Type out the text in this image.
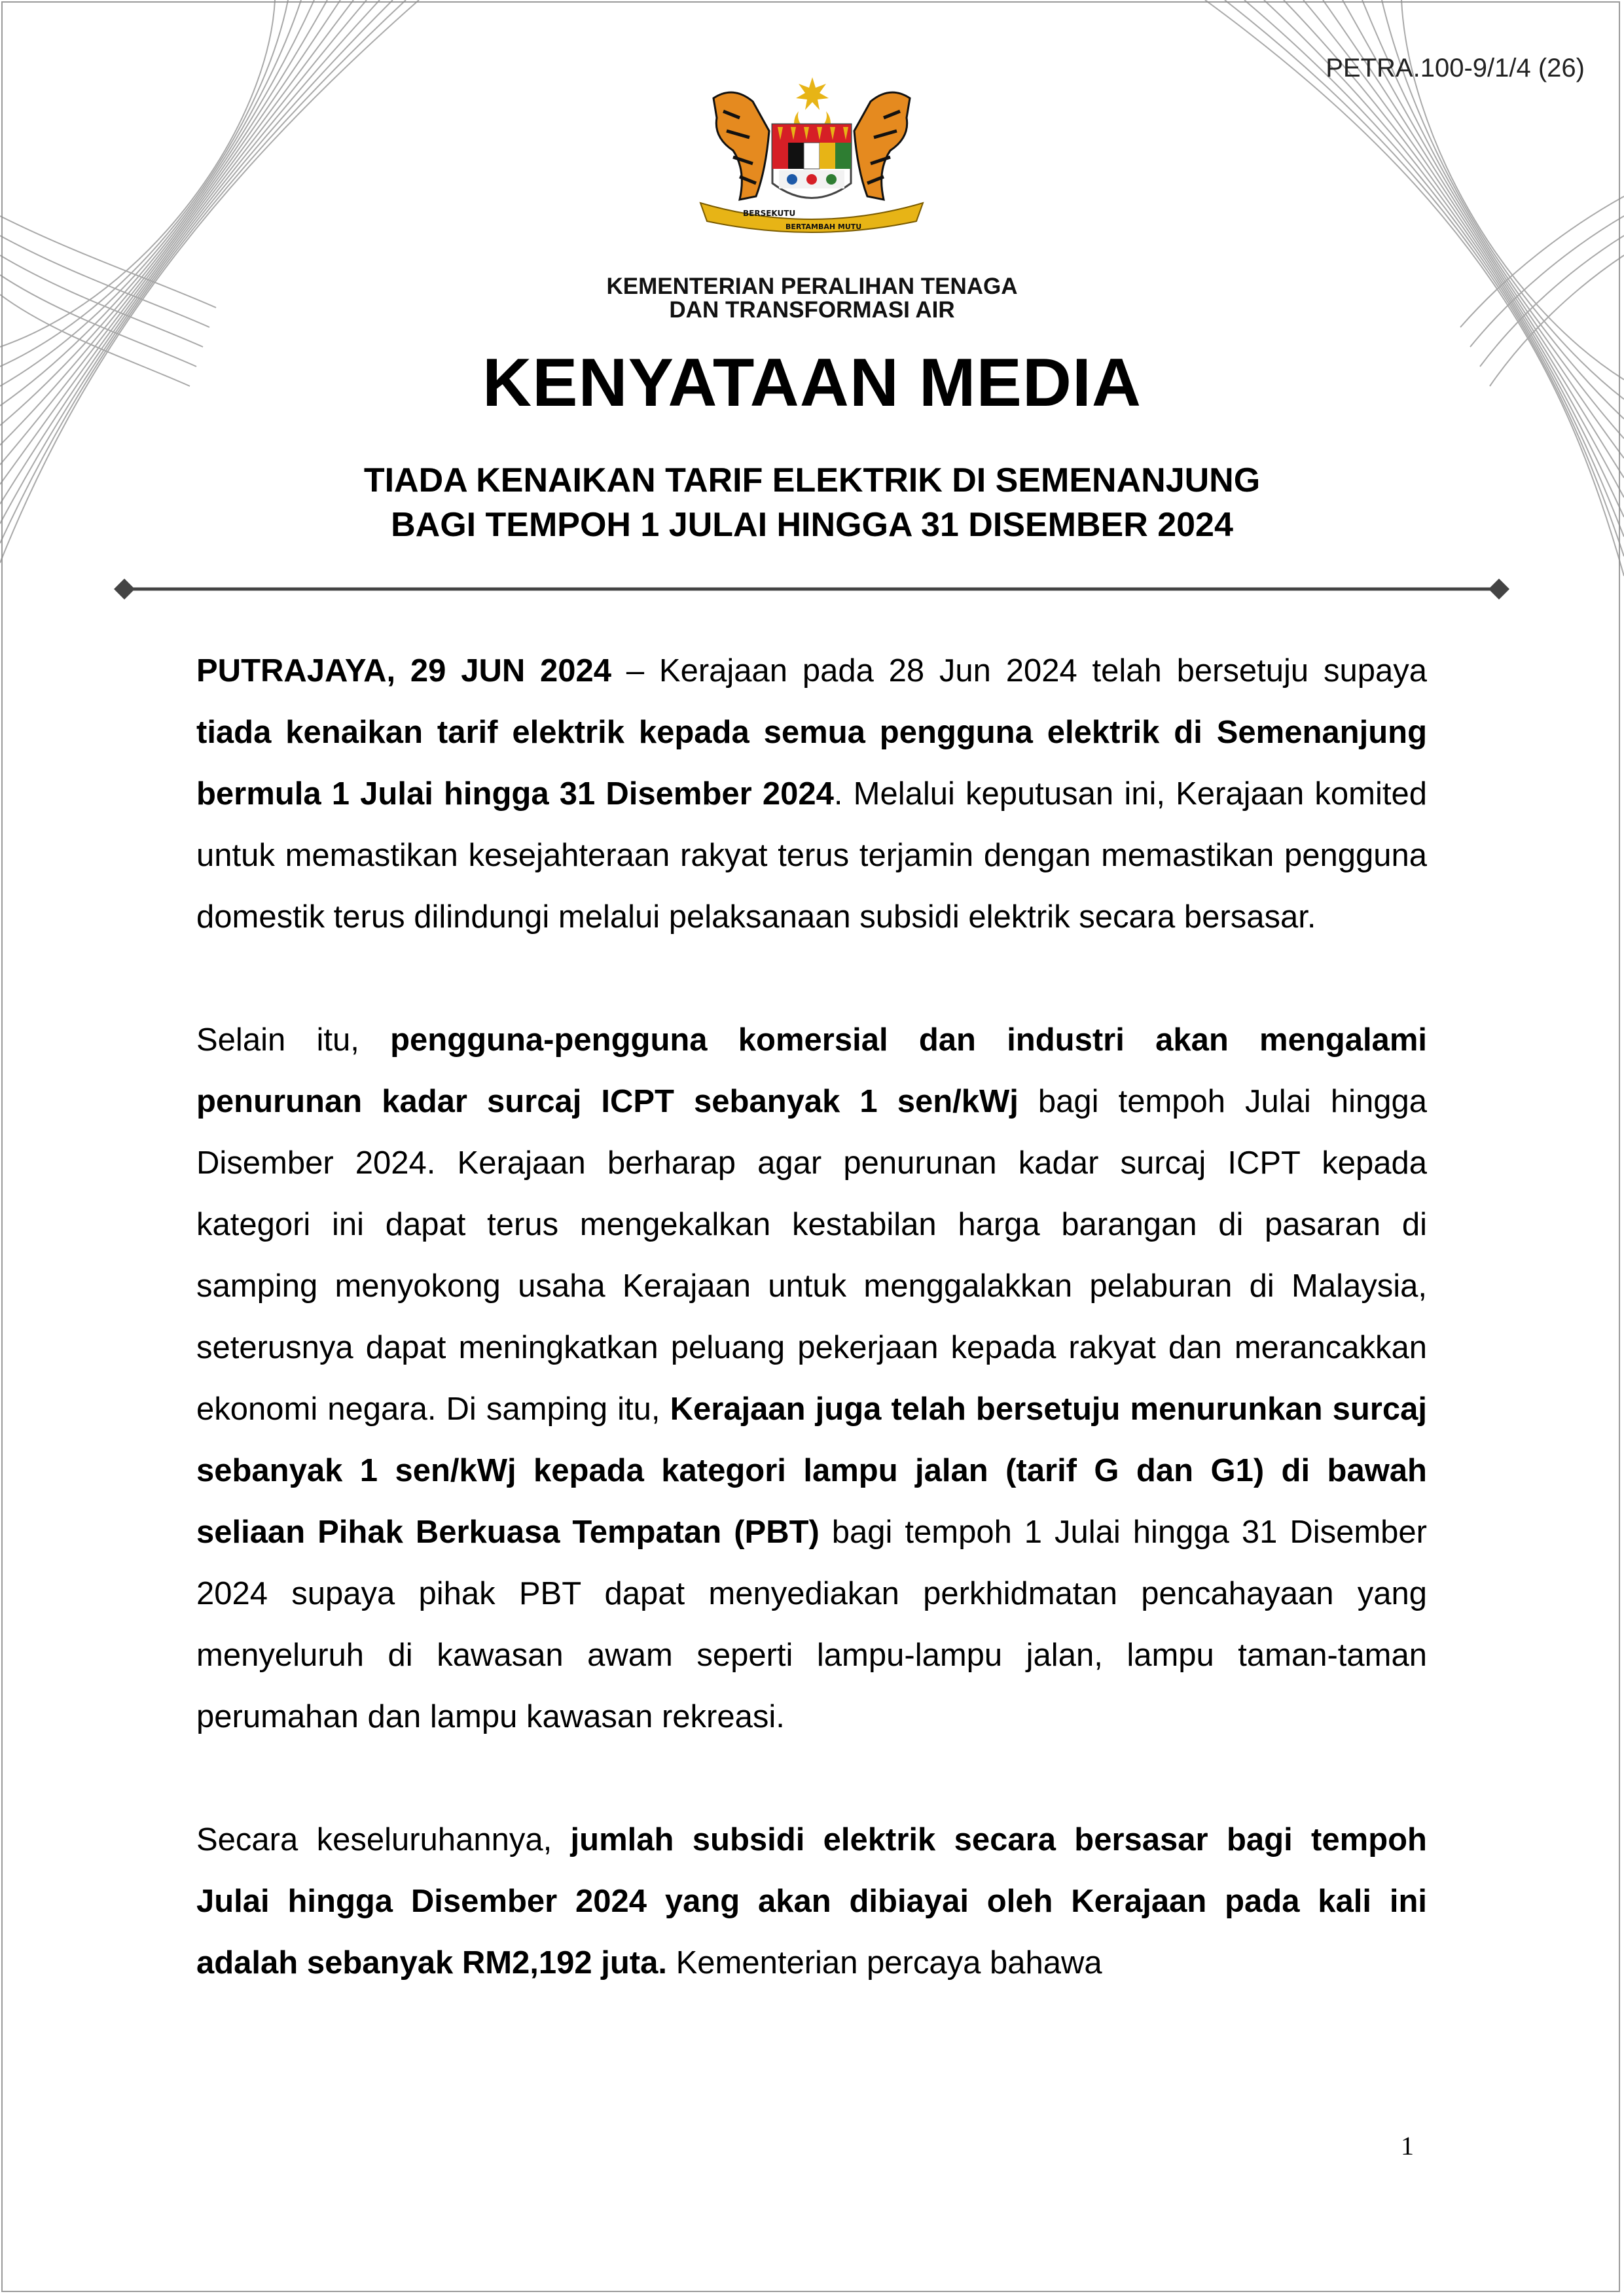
PETRA.100-9/1/4 (26)
BERSEKUTU
BERTAMBAH MUTU
KEMENTERIAN PERALIHAN TENAGA
DAN TRANSFORMASI AIR
KENYATAAN MEDIA
TIADA KENAIKAN TARIF ELEKTRIK DI SEMENANJUNG
BAGI TEMPOH 1 JULAI HINGGA 31 DISEMBER 2024

PUTRAJAYA, 29 JUN 2024 – Kerajaan pada 28 Jun 2024 telah bersetuju supaya tiada kenaikan tarif elektrik kepada semua pengguna elektrik di Semenanjung bermula 1 Julai hingga 31 Disember 2024. Melalui keputusan ini, Kerajaan komited untuk memastikan kesejahteraan rakyat terus terjamin dengan memastikan pengguna domestik terus dilindungi melalui pelaksanaan subsidi elektrik secara bersasar.

Selain itu, pengguna-pengguna komersial dan industri akan mengalami penurunan kadar surcaj ICPT sebanyak 1 sen/kWj bagi tempoh Julai hingga Disember 2024. Kerajaan berharap agar penurunan kadar surcaj ICPT kepada kategori ini dapat terus mengekalkan kestabilan harga barangan di pasaran di samping menyokong usaha Kerajaan untuk menggalakkan pelaburan di Malaysia, seterusnya dapat meningkatkan peluang pekerjaan kepada rakyat dan merancakkan ekonomi negara. Di samping itu, Kerajaan juga telah bersetuju menurunkan surcaj sebanyak 1 sen/kWj kepada kategori lampu jalan (tarif G dan G1) di bawah seliaan Pihak Berkuasa Tempatan (PBT) bagi tempoh 1 Julai hingga 31 Disember 2024 supaya pihak PBT dapat menyediakan perkhidmatan pencahayaan yang menyeluruh di kawasan awam seperti lampu-lampu jalan, lampu taman-taman perumahan dan lampu kawasan rekreasi.

Secara keseluruhannya, jumlah subsidi elektrik secara bersasar bagi tempoh Julai hingga Disember 2024 yang akan dibiayai oleh Kerajaan pada kali ini adalah sebanyak RM2,192 juta. Kementerian percaya bahawa

1
